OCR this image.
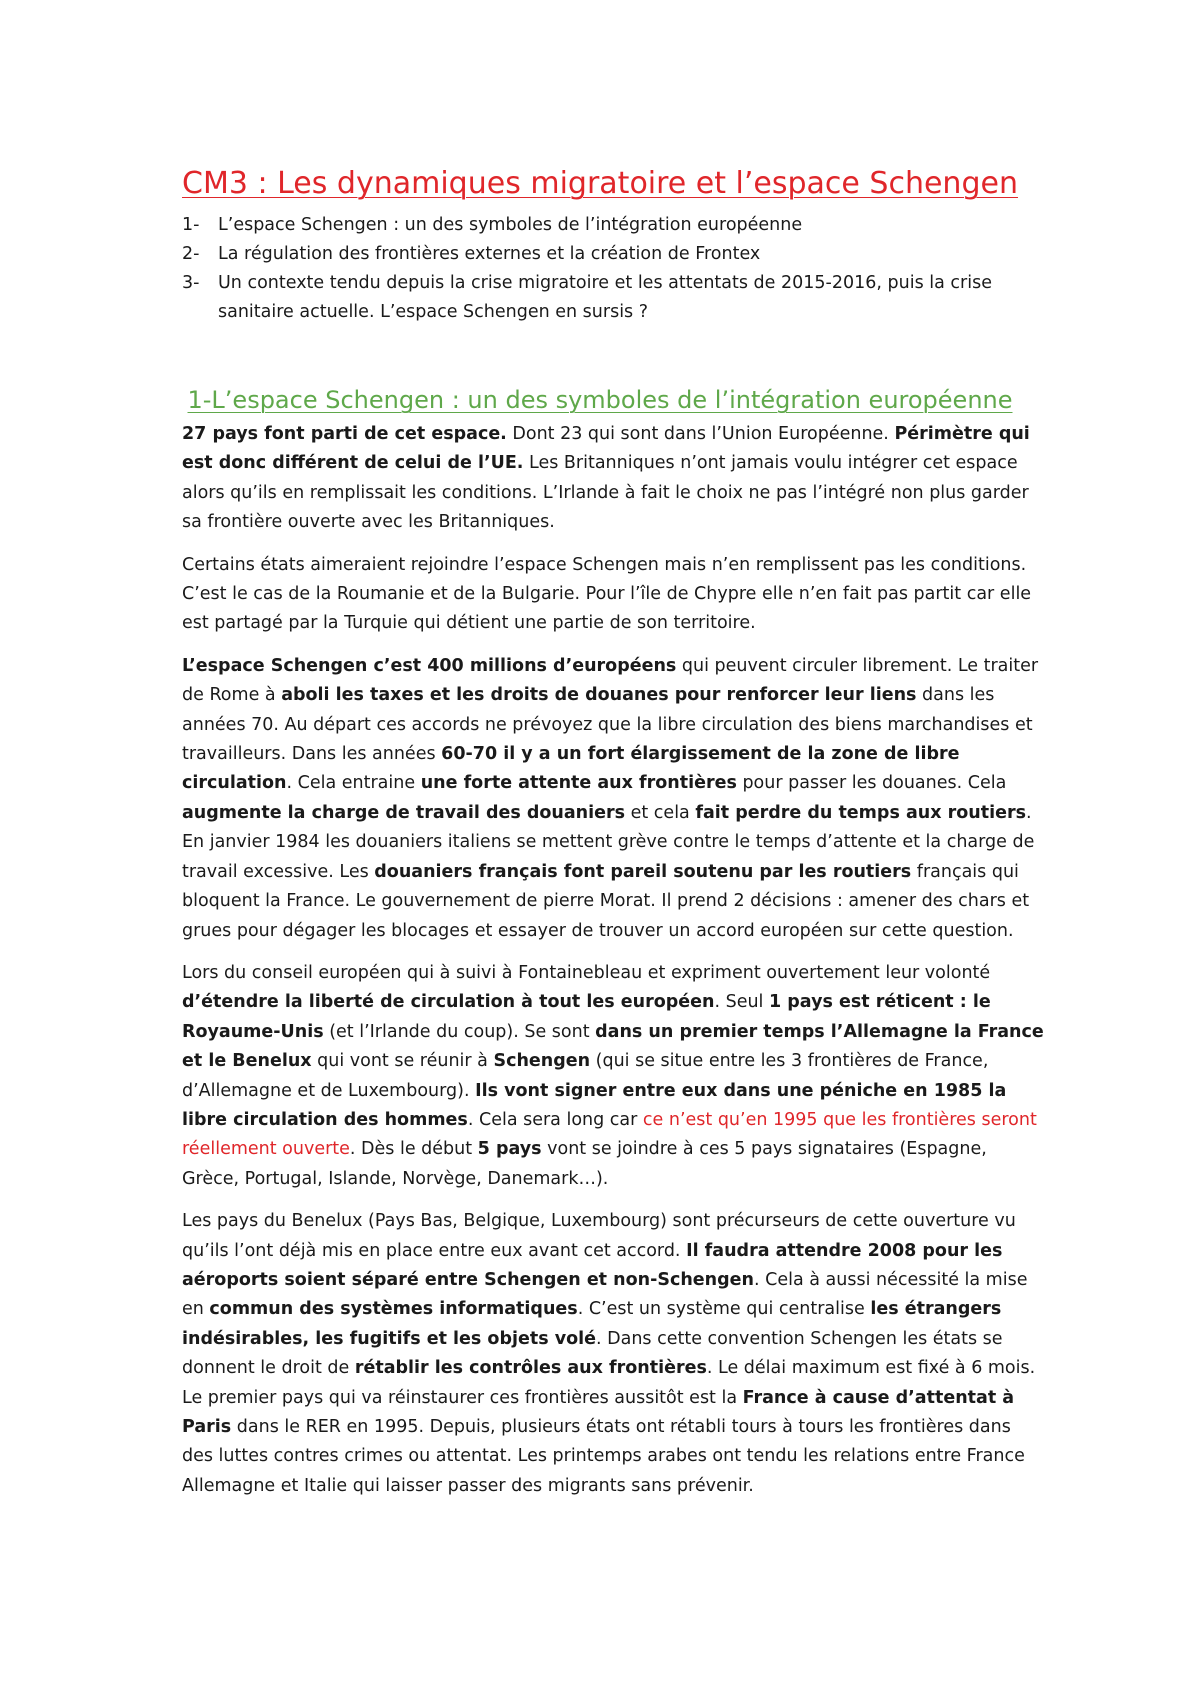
CM3 : Les dynamiques migratoire et l’espace Schengen
1- L’espace Schengen : un des symboles de l’intégration européenne
2- La régulation des frontières externes et la création de Frontex
3- Un contexte tendu depuis la crise migratoire et les attentats de 2015-2016, puis la crise sanitaire actuelle. L’espace Schengen en sursis ?
1-L’espace Schengen : un des symboles de l’intégration européenne

27 pays font parti de cet espace. Dont 23 qui sont dans l’Union Européenne. Périmètre qui est donc différent de celui de l’UE. Les Britanniques n’ont jamais voulu intégrer cet espace alors qu’ils en remplissait les conditions. L’Irlande à fait le choix ne pas l’intégré non plus garder sa frontière ouverte avec les Britanniques.

Certains états aimeraient rejoindre l’espace Schengen mais n’en remplissent pas les conditions. C’est le cas de la Roumanie et de la Bulgarie. Pour l’île de Chypre elle n’en fait pas partit car elle est partagé par la Turquie qui détient une partie de son territoire.

L’espace Schengen c’est 400 millions d’européens qui peuvent circuler librement. Le traiter de Rome à aboli les taxes et les droits de douanes pour renforcer leur liens dans les années 70. Au départ ces accords ne prévoyez que la libre circulation des biens marchandises et travailleurs. Dans les années 60-70 il y a un fort élargissement de la zone de libre circulation. Cela entraine une forte attente aux frontières pour passer les douanes. Cela augmente la charge de travail des douaniers et cela fait perdre du temps aux routiers. En janvier 1984 les douaniers italiens se mettent grève contre le temps d’attente et la charge de travail excessive. Les douaniers français font pareil soutenu par les routiers français qui bloquent la France. Le gouvernement de pierre Morat. Il prend 2 décisions : amener des chars et grues pour dégager les blocages et essayer de trouver un accord européen sur cette question.

Lors du conseil européen qui à suivi à Fontainebleau et expriment ouvertement leur volonté d’étendre la liberté de circulation à tout les européen. Seul 1 pays est réticent : le Royaume-Unis (et l’Irlande du coup). Se sont dans un premier temps l’Allemagne la France et le Benelux qui vont se réunir à Schengen (qui se situe entre les 3 frontières de France, d’Allemagne et de Luxembourg). Ils vont signer entre eux dans une péniche en 1985 la libre circulation des hommes. Cela sera long car ce n’est qu’en 1995 que les frontières seront réellement ouverte. Dès le début 5 pays vont se joindre à ces 5 pays signataires (Espagne, Grèce, Portugal, Islande, Norvège, Danemark…).

Les pays du Benelux (Pays Bas, Belgique, Luxembourg) sont précurseurs de cette ouverture vu qu’ils l’ont déjà mis en place entre eux avant cet accord. Il faudra attendre 2008 pour les aéroports soient séparé entre Schengen et non-Schengen. Cela à aussi nécessité la mise en commun des systèmes informatiques. C’est un système qui centralise les étrangers indésirables, les fugitifs et les objets volé. Dans cette convention Schengen les états se donnent le droit de rétablir les contrôles aux frontières. Le délai maximum est fixé à 6 mois. Le premier pays qui va réinstaurer ces frontières aussitôt est la France à cause d’attentat à Paris dans le RER en 1995. Depuis, plusieurs états ont rétabli tours à tours les frontières dans des luttes contres crimes ou attentat. Les printemps arabes ont tendu les relations entre France Allemagne et Italie qui laisser passer des migrants sans prévenir.
